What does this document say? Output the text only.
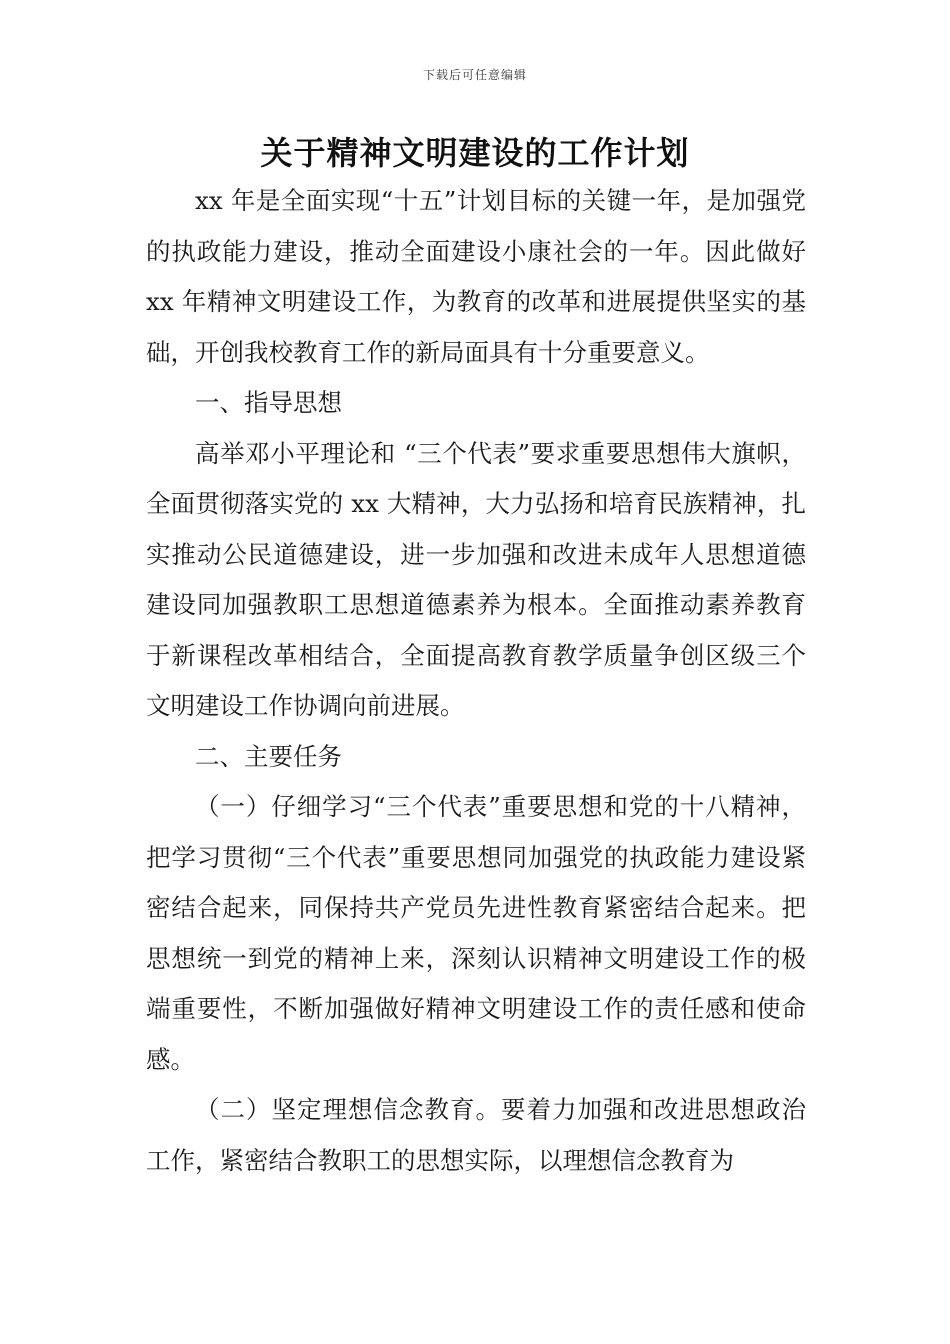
下载后可任意编辑
关于精神文明建设的工作计划

xx 年是全面实现“十五”计划目标的关键一年，是加强党的执政能力建设，推动全面建设小康社会的一年。因此做好 xx 年精神文明建设工作，为教育的改革和进展提供坚实的基础，开创我校教育工作的新局面具有十分重要意义。

一、指导思想

高举邓小平理论和 “三个代表”要求重要思想伟大旗帜，全面贯彻落实党的 xx 大精神，大力弘扬和培育民族精神，扎实推动公民道德建设，进一步加强和改进未成年人思想道德建设同加强教职工思想道德素养为根本。全面推动素养教育于新课程改革相结合，全面提高教育教学质量争创区级三个文明建设工作协调向前进展。

二、主要任务

（一）仔细学习“三个代表”重要思想和党的十八精神，把学习贯彻“三个代表”重要思想同加强党的执政能力建设紧密结合起来，同保持共产党员先进性教育紧密结合起来。把思想统一到党的精神上来，深刻认识精神文明建设工作的极端重要性，不断加强做好精神文明建设工作的责任感和使命感。

（二）坚定理想信念教育。要着力加强和改进思想政治工作，紧密结合教职工的思想实际，以理想信念教育为
